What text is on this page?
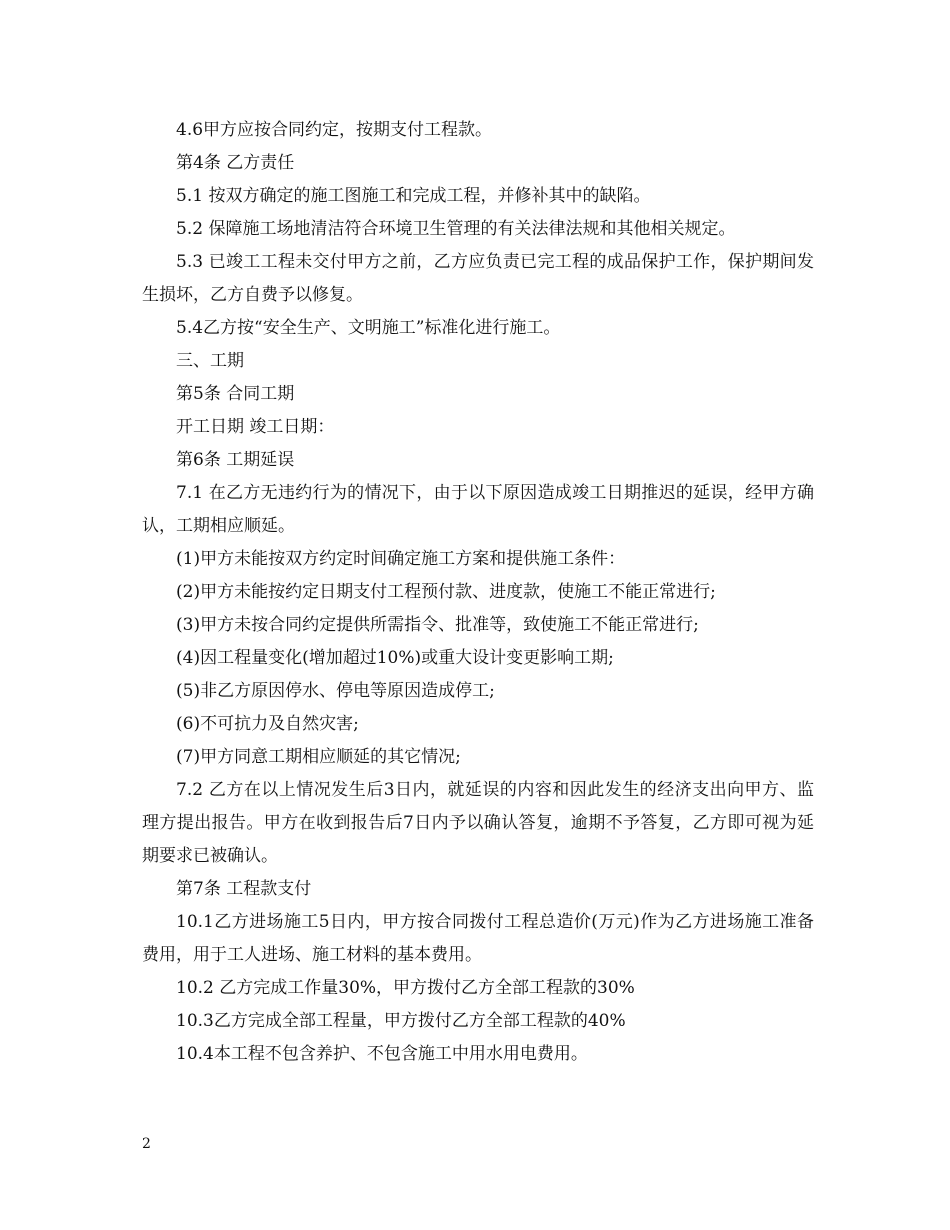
4.6甲方应按合同约定，按期支付工程款。

第4条 乙方责任

5.1 按双方确定的施工图施工和完成工程，并修补其中的缺陷。

5.2 保障施工场地清洁符合环境卫生管理的有关法律法规和其他相关规定。

5.3 已竣工工程未交付甲方之前，乙方应负责已完工程的成品保护工作，保护期间发生损坏，乙方自费予以修复。

5.4乙方按“安全生产、文明施工”标准化进行施工。

三、工期

第5条 合同工期

开工日期 竣工日期：

第6条 工期延误

7.1 在乙方无违约行为的情况下，由于以下原因造成竣工日期推迟的延误，经甲方确认，工期相应顺延。

(1)甲方未能按双方约定时间确定施工方案和提供施工条件：

(2)甲方未能按约定日期支付工程预付款、进度款，使施工不能正常进行;

(3)甲方未按合同约定提供所需指令、批准等，致使施工不能正常进行;

(4)因工程量变化(增加超过10%)或重大设计变更影响工期;

(5)非乙方原因停水、停电等原因造成停工;

(6)不可抗力及自然灾害;

(7)甲方同意工期相应顺延的其它情况;

7.2 乙方在以上情况发生后3日内，就延误的内容和因此发生的经济支出向甲方、监理方提出报告。甲方在收到报告后7日内予以确认答复，逾期不予答复，乙方即可视为延期要求已被确认。

第7条 工程款支付

10.1乙方进场施工5日内，甲方按合同拨付工程总造价(万元)作为乙方进场施工准备费用，用于工人进场、施工材料的基本费用。

10.2 乙方完成工作量30%，甲方拨付乙方全部工程款的30%

10.3乙方完成全部工程量，甲方拨付乙方全部工程款的40%

10.4本工程不包含养护、不包含施工中用水用电费用。

2
